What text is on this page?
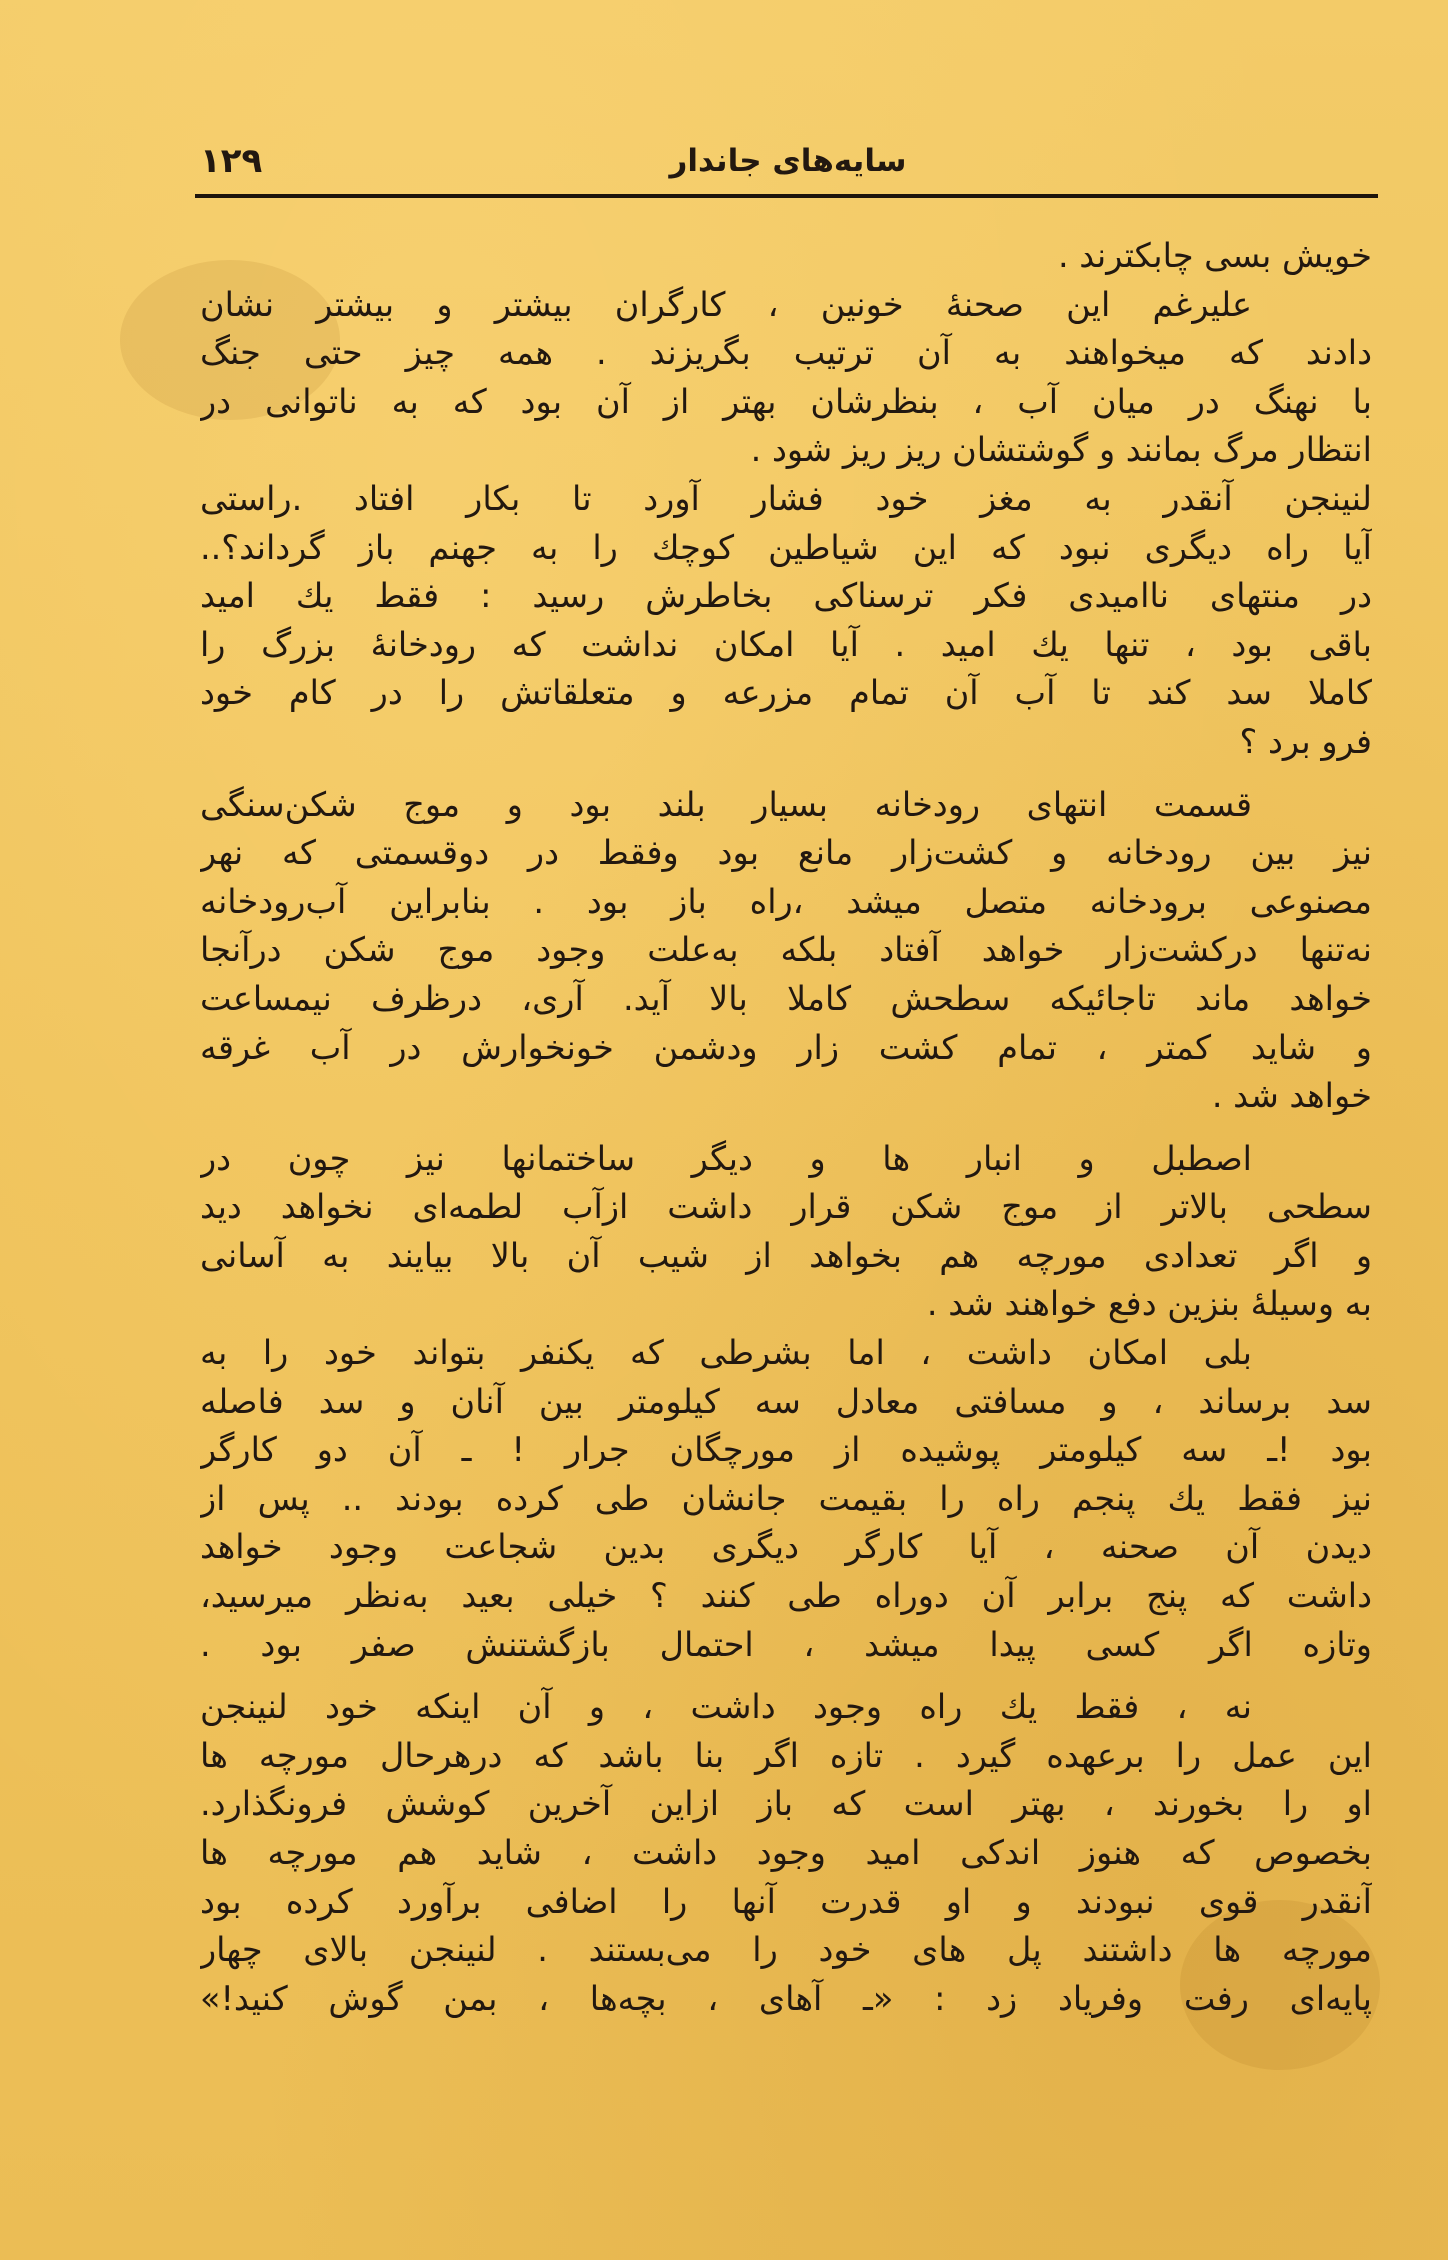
۱۲۹	سایه‌های جاندار
خویش بسی چابکترند .
علیرغم این صحنهٔ خونین ، کارگران بیشتر و بیشتر نشان
دادند که میخواهند به آن ترتیب بگریزند . همه چیز حتی جنگ
با نهنگ در میان آب ، بنظرشان بهتر از آن بود که به ناتوانی در
انتظار مرگ بمانند و گوشتشان ریز ریز شود .
لنینجن آنقدر به مغز خود فشار آورد تا بکار افتاد .راستی
آیا راه دیگری نبود که این شیاطین کوچك را به جهنم باز گرداند؟..
در منتهای ناامیدی فکر ترسناکی بخاطرش رسید : فقط یك امید
باقی بود ، تنها یك امید . آیا امکان نداشت که رودخانهٔ بزرگ را
کاملا سد کند تا آب آن تمام مزرعه و متعلقاتش را در کام خود
فرو برد ؟
قسمت انتهای رودخانه بسیار بلند بود و موج شکن‌سنگی
نیز بین رودخانه و کشت‌زار مانع بود وفقط در دوقسمتی که نهر
مصنوعی برودخانه متصل میشد ،راه باز بود . بنابراین آب‌رودخانه
نه‌تنها درکشت‌زار خواهد آفتاد بلکه به‌علت وجود موج شکن درآنجا
خواهد ماند تاجائیکه سطحش کاملا بالا آید. آری، درظرف نیمساعت
و شاید کمتر ، تمام کشت زار ودشمن خونخوارش در آب غرقه
خواهد شد .
اصطبل و انبار ها و دیگر ساختمانها نیز چون در
سطحی بالاتر از موج شکن قرار داشت ازآب لطمه‌ای نخواهد دید
و اگر تعدادی مورچه هم بخواهد از شیب آن بالا بیایند به آسانی
به وسیلهٔ بنزین دفع خواهند شد .
بلی امکان داشت ، اما بشرطی که یکنفر بتواند خود را به
سد برساند ، و مسافتی معادل سه کیلومتر بین آنان و سد فاصله
بود !ـ سه کیلومتر پوشیده از مورچگان جرار ! ـ آن دو کارگر
نیز فقط یك پنجم راه را بقیمت جانشان طی کرده بودند .. پس از
دیدن آن صحنه ، آیا کارگر دیگری بدین شجاعت وجود خواهد
داشت که پنج برابر آن دوراه طی کنند ؟ خیلی بعید به‌نظر میرسید،
وتازه اگر کسی پیدا میشد ، احتمال بازگشتنش صفر بود .
نه ، فقط یك راه وجود داشت ، و آن اینکه خود لنینجن
این عمل را برعهده گیرد . تازه اگر بنا باشد که درهرحال مورچه ها
او را بخورند ، بهتر است که باز ازاین آخرین کوشش فرونگذارد.
بخصوص که هنوز اندکی امید وجود داشت ، شاید هم مورچه ها
آنقدر قوی نبودند و او قدرت آنها را اضافی برآورد کرده بود
مورچه ها داشتند پل های خود را می‌بستند . لنینجن بالای چهار
پایه‌ای رفت وفریاد زد : «ـ آهای ، بچه‌ها ، بمن گوش کنید!»
